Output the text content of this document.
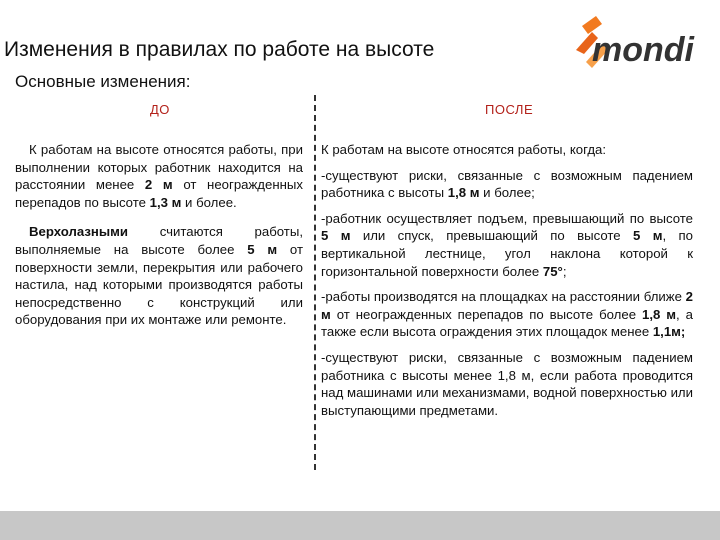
Изменения в правилах по работе на высоте	mondi
Основные изменения:
ДО	ПОСЛЕ

К работам на высоте относятся работы, при выполнении которых работник находится на расстоянии менее 2 м от неогражденных перепадов по высоте 1,3 м и более.

Верхолазными считаются работы, выполняемые на высоте более 5 м от поверхности земли, перекрытия или рабочего настила, над которыми производятся работы непосредственно с конструкций или оборудования при их монтаже или ремонте.

К работам на высоте относятся работы, когда:

-существуют риски, связанные с возможным падением работника с высоты 1,8 м и более;

-работник осуществляет подъем, превышающий по высоте 5 м или спуск, превышающий по высоте 5 м, по вертикальной лестнице, угол наклона которой к горизонтальной поверхности более 75°;

-работы производятся на площадках на расстоянии ближе 2 м от неогражденных перепадов по высоте более 1,8 м, а также если высота ограждения этих площадок менее 1,1м;

-существуют риски, связанные с возможным падением работника с высоты менее 1,8 м, если работа проводится над машинами или механизмами, водной поверхностью или выступающими предметами.
